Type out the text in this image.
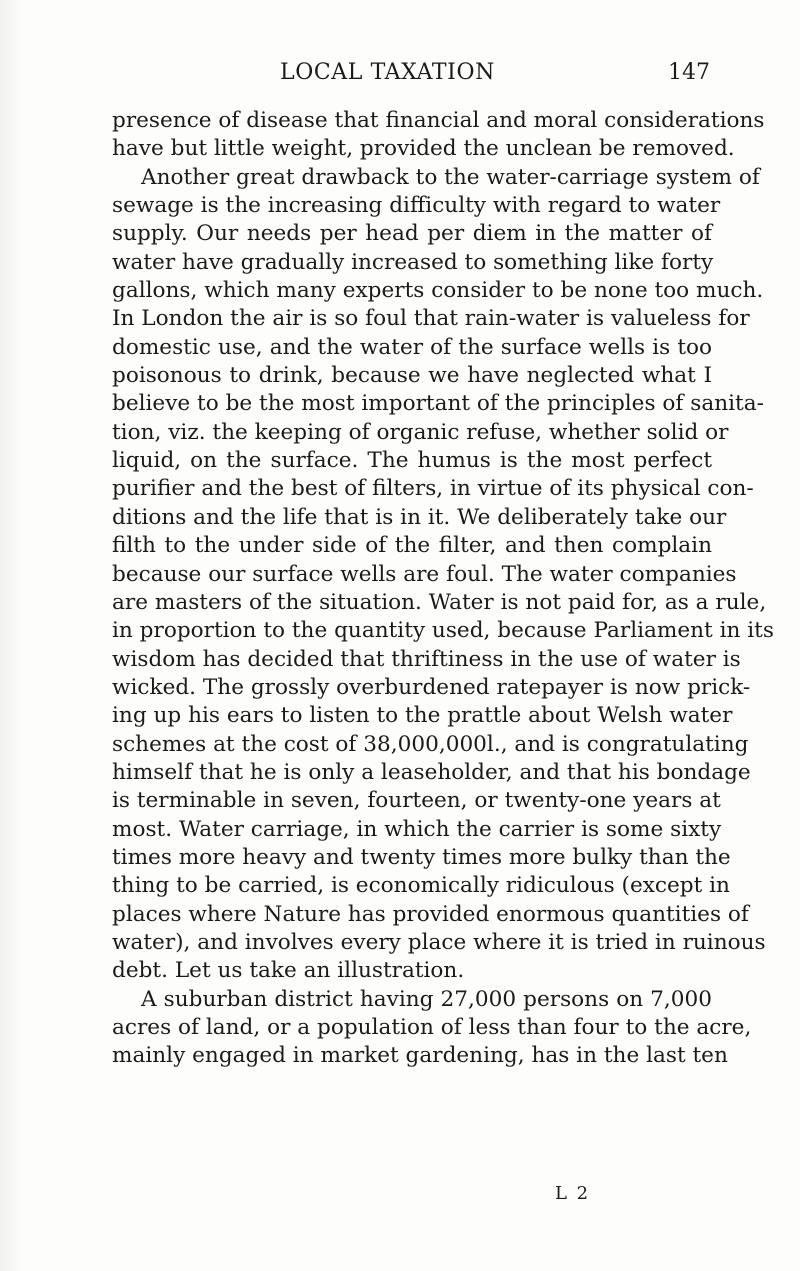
LOCAL TAXATION	147
presence of disease that financial and moral considerations
have but little weight, provided the unclean be removed.
Another great drawback to the water-carriage system of
sewage is the increasing difficulty with regard to water
supply. Our needs per head per diem in the matter of
water have gradually increased to something like forty
gallons, which many experts consider to be none too much.
In London the air is so foul that rain-water is valueless for
domestic use, and the water of the surface wells is too
poisonous to drink, because we have neglected what I
believe to be the most important of the principles of sanita-
tion, viz. the keeping of organic refuse, whether solid or
liquid, on the surface. The humus is the most perfect
purifier and the best of filters, in virtue of its physical con-
ditions and the life that is in it. We deliberately take our
filth to the under side of the filter, and then complain
because our surface wells are foul. The water companies
are masters of the situation. Water is not paid for, as a rule,
in proportion to the quantity used, because Parliament in its
wisdom has decided that thriftiness in the use of water is
wicked. The grossly overburdened ratepayer is now prick-
ing up his ears to listen to the prattle about Welsh water
schemes at the cost of 38,000,000l., and is congratulating
himself that he is only a leaseholder, and that his bondage
is terminable in seven, fourteen, or twenty-one years at
most. Water carriage, in which the carrier is some sixty
times more heavy and twenty times more bulky than the
thing to be carried, is economically ridiculous (except in
places where Nature has provided enormous quantities of
water), and involves every place where it is tried in ruinous
debt. Let us take an illustration.
A suburban district having 27,000 persons on 7,000
acres of land, or a population of less than four to the acre,
mainly engaged in market gardening, has in the last ten
L 2
